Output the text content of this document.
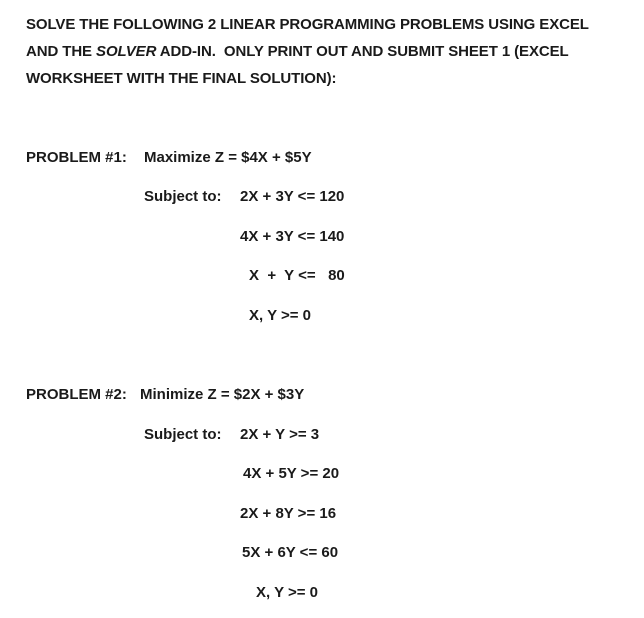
SOLVE THE FOLLOWING 2 LINEAR PROGRAMMING PROBLEMS USING EXCEL
AND THE SOLVER ADD-IN.  ONLY PRINT OUT AND SUBMIT SHEET 1 (EXCEL
WORKSHEET WITH THE FINAL SOLUTION):
PROBLEM #1: Maximize Z = $4X + $5Y
Subject to: 2X + 3Y <= 120
4X + 3Y <= 140
X  +  Y <=   80
X, Y >= 0
PROBLEM #2: Minimize Z = $2X + $3Y
Subject to: 2X + Y >= 3
4X + 5Y >= 20
2X + 8Y >= 16
5X + 6Y <= 60
X, Y >= 0
